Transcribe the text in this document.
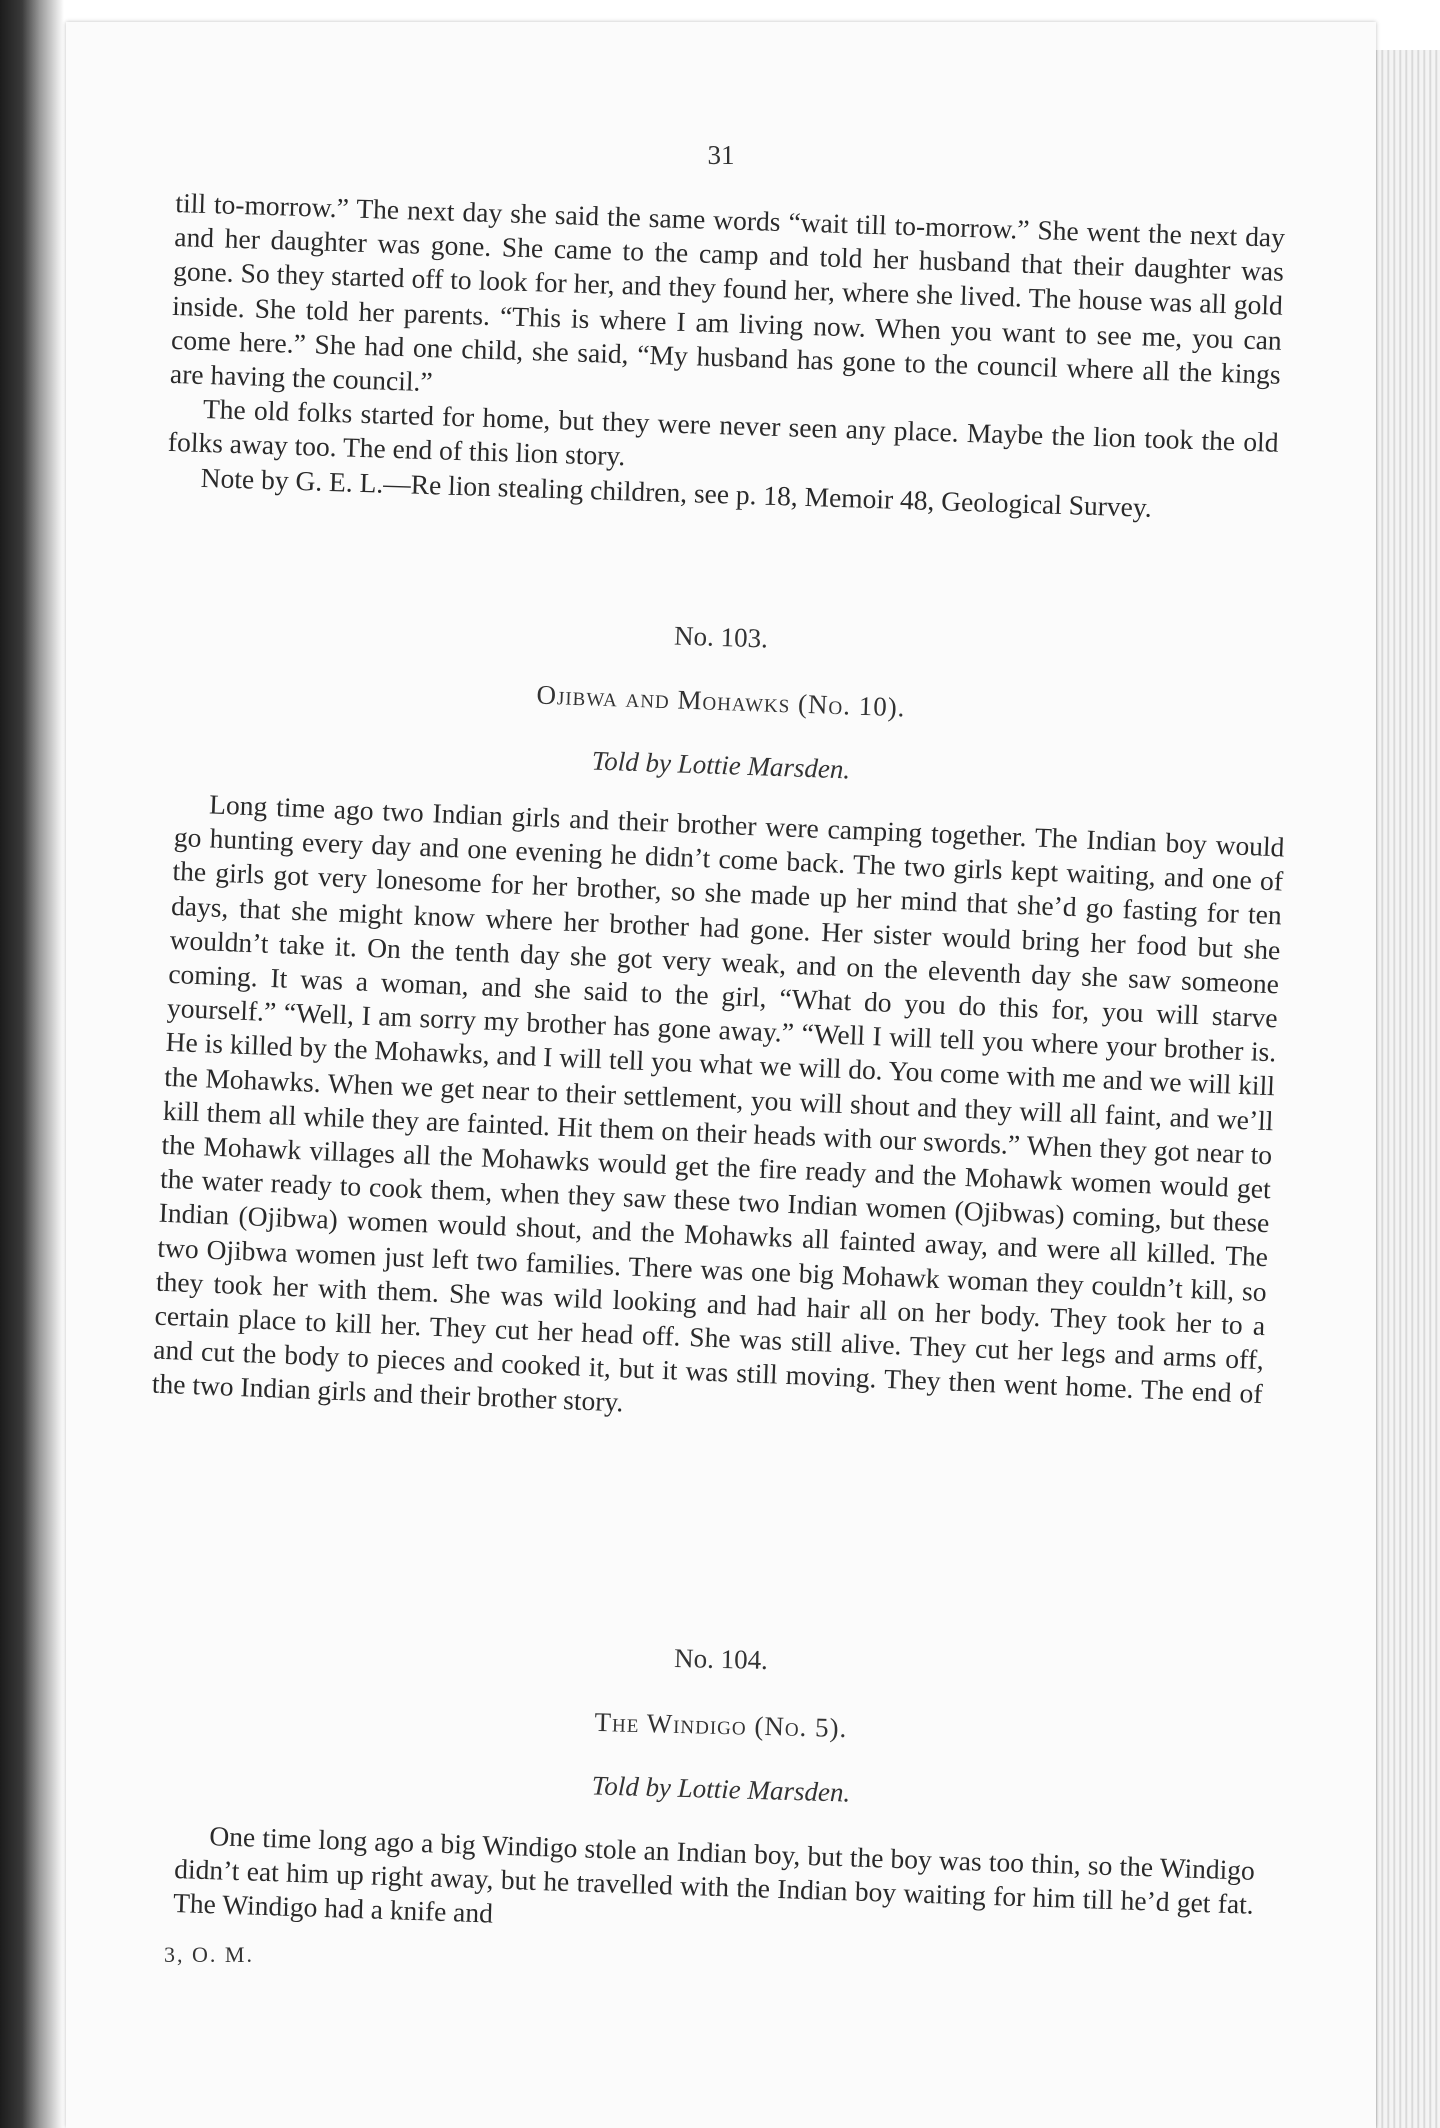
31

till to-morrow.” The next day she said the same words “wait till to-morrow.” She went the next day and her daughter was gone. She came to the camp and told her husband that their daughter was gone. So they started off to look for her, and they found her, where she lived. The house was all gold inside. She told her parents. “This is where I am living now. When you want to see me, you can come here.” She had one child, she said, “My husband has gone to the council where all the kings are having the council.”

The old folks started for home, but they were never seen any place. Maybe the lion took the old folks away too. The end of this lion story.

Note by G. E. L.—Re lion stealing children, see p. 18, Memoir 48, Geological Survey.

No. 103.
Ojibwa and Mohawks (No. 10).
Told by Lottie Marsden.

Long time ago two Indian girls and their brother were camping together. The Indian boy would go hunting every day and one evening he didn’t come back. The two girls kept waiting, and one of the girls got very lonesome for her brother, so she made up her mind that she’d go fasting for ten days, that she might know where her brother had gone. Her sister would bring her food but she wouldn’t take it. On the tenth day she got very weak, and on the eleventh day she saw someone coming. It was a woman, and she said to the girl, “What do you do this for, you will starve yourself.” “Well, I am sorry my brother has gone away.” “Well I will tell you where your brother is. He is killed by the Mohawks, and I will tell you what we will do. You come with me and we will kill the Mohawks. When we get near to their settlement, you will shout and they will all faint, and we’ll kill them all while they are fainted. Hit them on their heads with our swords.” When they got near to the Mohawk villages all the Mohawks would get the fire ready and the Mohawk women would get the water ready to cook them, when they saw these two Indian women (Ojibwas) coming, but these Indian (Ojibwa) women would shout, and the Mohawks all fainted away, and were all killed. The two Ojibwa women just left two families. There was one big Mohawk woman they couldn’t kill, so they took her with them. She was wild looking and had hair all on her body. They took her to a certain place to kill her. They cut her head off. She was still alive. They cut her legs and arms off, and cut the body to pieces and cooked it, but it was still moving. They then went home. The end of the two Indian girls and their brother story.

No. 104.
The Windigo (No. 5).
Told by Lottie Marsden.

One time long ago a big Windigo stole an Indian boy, but the boy was too thin, so the Windigo didn’t eat him up right away, but he travelled with the Indian boy waiting for him till he’d get fat. The Windigo had a knife and

3, O. M.
